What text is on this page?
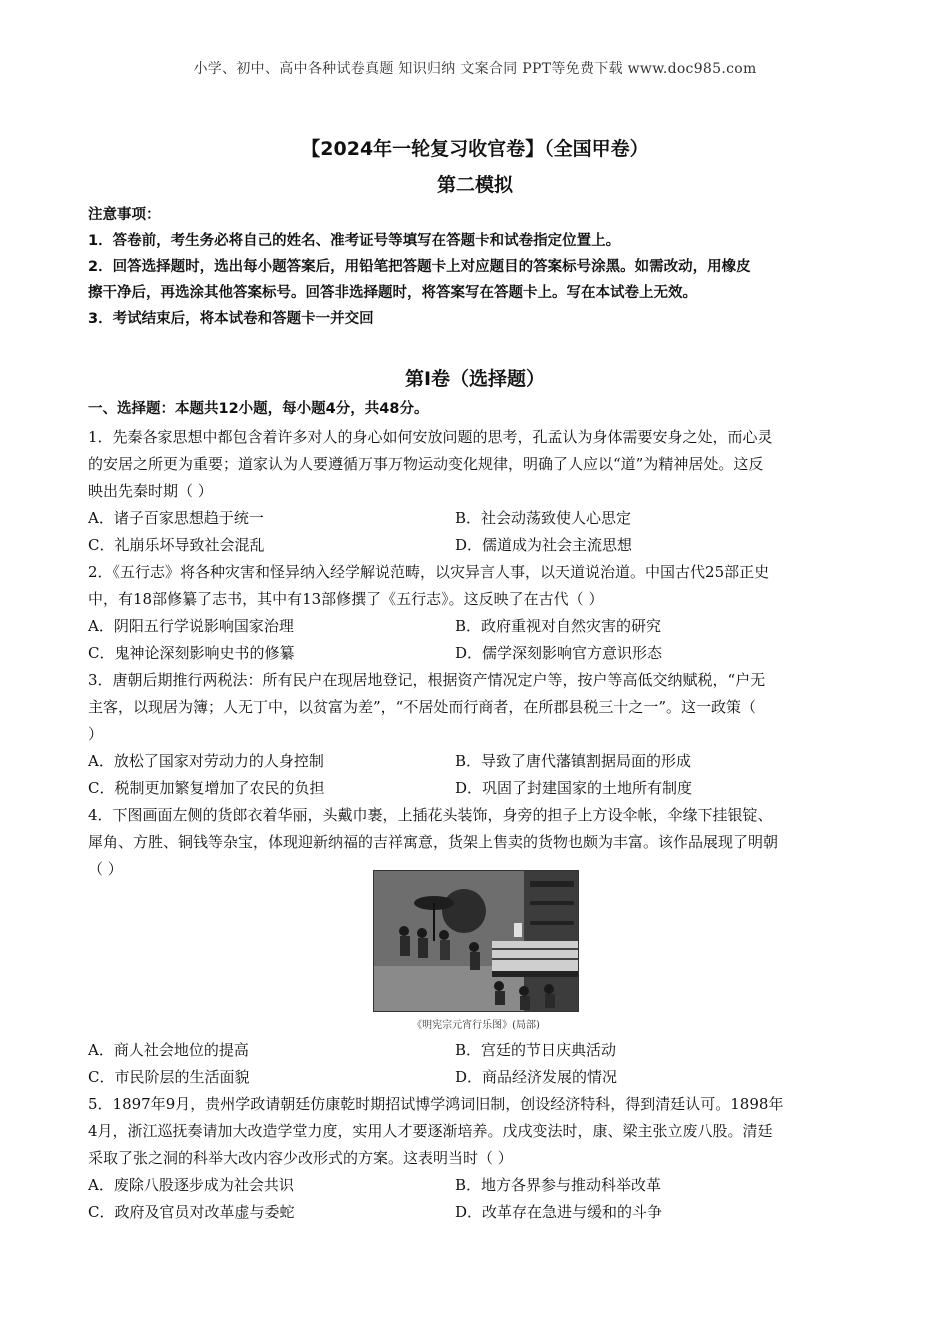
小学、初中、高中各种试卷真题 知识归纳 文案合同 PPT等免费下载 www.doc985.com
【2024年一轮复习收官卷】（全国甲卷）
第二模拟
注意事项：
1．答卷前，考生务必将自己的姓名、准考证号等填写在答题卡和试卷指定位置上。
2．回答选择题时，选出每小题答案后，用铅笔把答题卡上对应题目的答案标号涂黑。如需改动，用橡皮
擦干净后，再选涂其他答案标号。回答非选择题时，将答案写在答题卡上。写在本试卷上无效。
3．考试结束后，将本试卷和答题卡一并交回
第I卷（选择题）
一、选择题：本题共12小题，每小题4分，共48分。
1．先秦各家思想中都包含着许多对人的身心如何安放问题的思考，孔孟认为身体需要安身之处，而心灵
的安居之所更为重要；道家认为人要遵循万事万物运动变化规律，明确了人应以“道”为精神居处。这反
映出先秦时期（ ）
A．诸子百家思想趋于统一	B．社会动荡致使人心思定
C．礼崩乐坏导致社会混乱	D．儒道成为社会主流思想
2．《五行志》将各种灾害和怪异纳入经学解说范畴，以灾异言人事，以天道说治道。中国古代25部正史
中，有18部修纂了志书，其中有13部修撰了《五行志》。这反映了在古代（ ）
A．阴阳五行学说影响国家治理	B．政府重视对自然灾害的研究
C．鬼神论深刻影响史书的修纂	D．儒学深刻影响官方意识形态
3．唐朝后期推行两税法：所有民户在现居地登记，根据资产情况定户等，按户等高低交纳赋税，“户无
主客，以现居为簿；人无丁中，以贫富为差”，“不居处而行商者，在所郡县税三十之一”。这一政策（
）
A．放松了国家对劳动力的人身控制	B．导致了唐代藩镇割据局面的形成
C．税制更加繁复增加了农民的负担	D．巩固了封建国家的土地所有制度
4．下图画面左侧的货郎衣着华丽，头戴巾裹，上插花头装饰，身旁的担子上方设伞帐，伞缘下挂银锭、
犀角、方胜、铜钱等杂宝，体现迎新纳福的吉祥寓意，货架上售卖的货物也颇为丰富。该作品展现了明朝
（ ）
《明宪宗元宵行乐图》(局部)
A．商人社会地位的提高	B．宫廷的节日庆典活动
C．市民阶层的生活面貌	D．商品经济发展的情况
5．1897年9月，贵州学政请朝廷仿康乾时期招试博学鸿词旧制，创设经济特科，得到清廷认可。1898年
4月，浙江巡抚奏请加大改造学堂力度，实用人才要逐渐培养。戊戌变法时，康、梁主张立废八股。清廷
采取了张之洞的科举大改内容少改形式的方案。这表明当时（ ）
A．废除八股逐步成为社会共识	B．地方各界参与推动科举改革
C．政府及官员对改革虚与委蛇	D．改革存在急进与缓和的斗争
